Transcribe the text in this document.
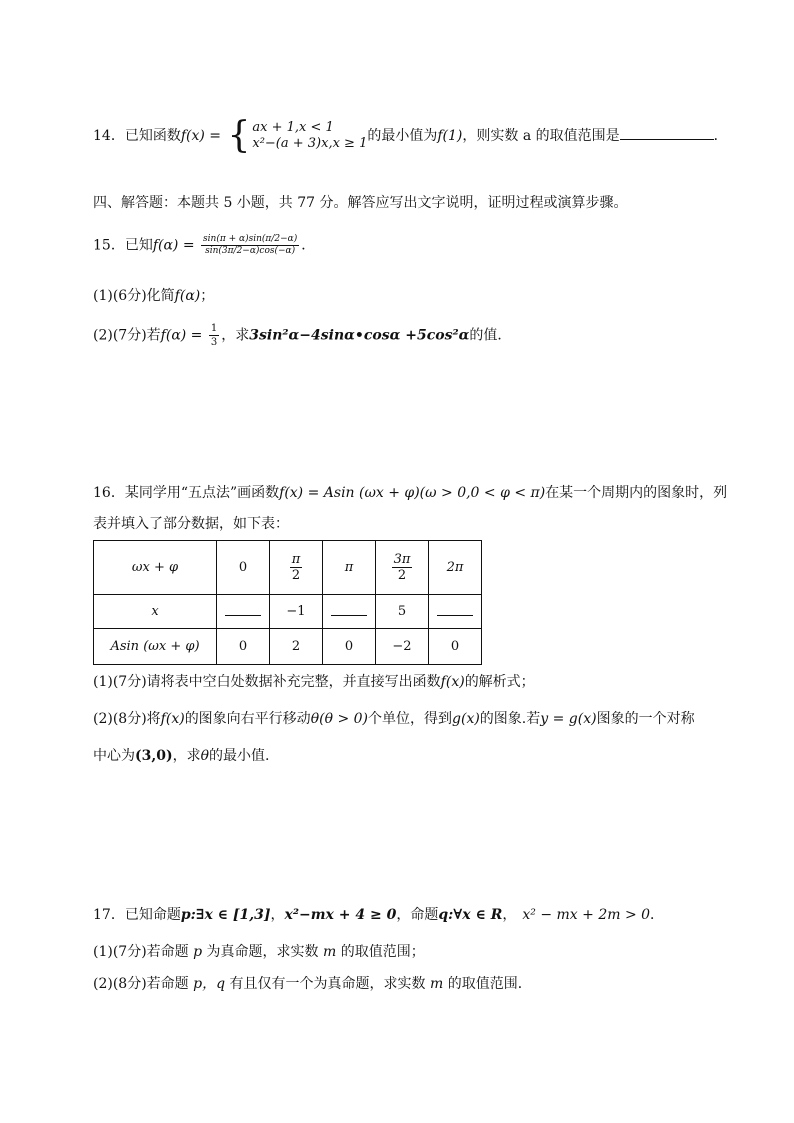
14．已知函数f(x) = { ax + 1,x < 1
x²−(a + 3)x,x ≥ 1 的最小值为f(1)，则实数 a 的取值范围是	．
四、解答题：本题共 5 小题，共 77 分。解答应写出文字说明，证明过程或演算步骤。
15．已知$f(\alpha) = \frac{\sin(\pi + \alpha)\sin(\pi/2-\alpha)}{\sin(3\pi/2-\alpha)\cos(-\alpha)}$ ．
(1)(6分)化简f(α)；
(2)(7分)若$f(\alpha) = \frac{1}{3}$ ，求3sin²α−4sinα•cosα +5cos²α的值．
16．某同学用“五点法”画函数f(x) = Asin (ωx + φ)(ω > 0,0 < φ < π)在某一个周期内的图象时，列
表并填入了部分数据，如下表：
ωx + φ	0	$\frac{\pi}{2}$	π	$\frac{3\pi}{2}$	2π
x		−1		5	
Asin (ωx + φ)	0	2	0	−2	0
(1)(7分)请将表中空白处数据补充完整，并直接写出函数f(x)的解析式；
(2)(8分)将f(x)的图象向右平行移动θ(θ > 0)个单位，得到g(x)的图象.若y = g(x)图象的一个对称
中心为(3,0)，求θ的最小值.
17．已知命题p:∃x ∈ [1,3]，x²−mx + 4 ≥ 0，命题q:∀x ∈ R， x² − mx + 2m > 0．
(1)(7分)若命题 p 为真命题，求实数 m 的取值范围；
(2)(8分)若命题 p，q 有且仅有一个为真命题，求实数 m 的取值范围．
